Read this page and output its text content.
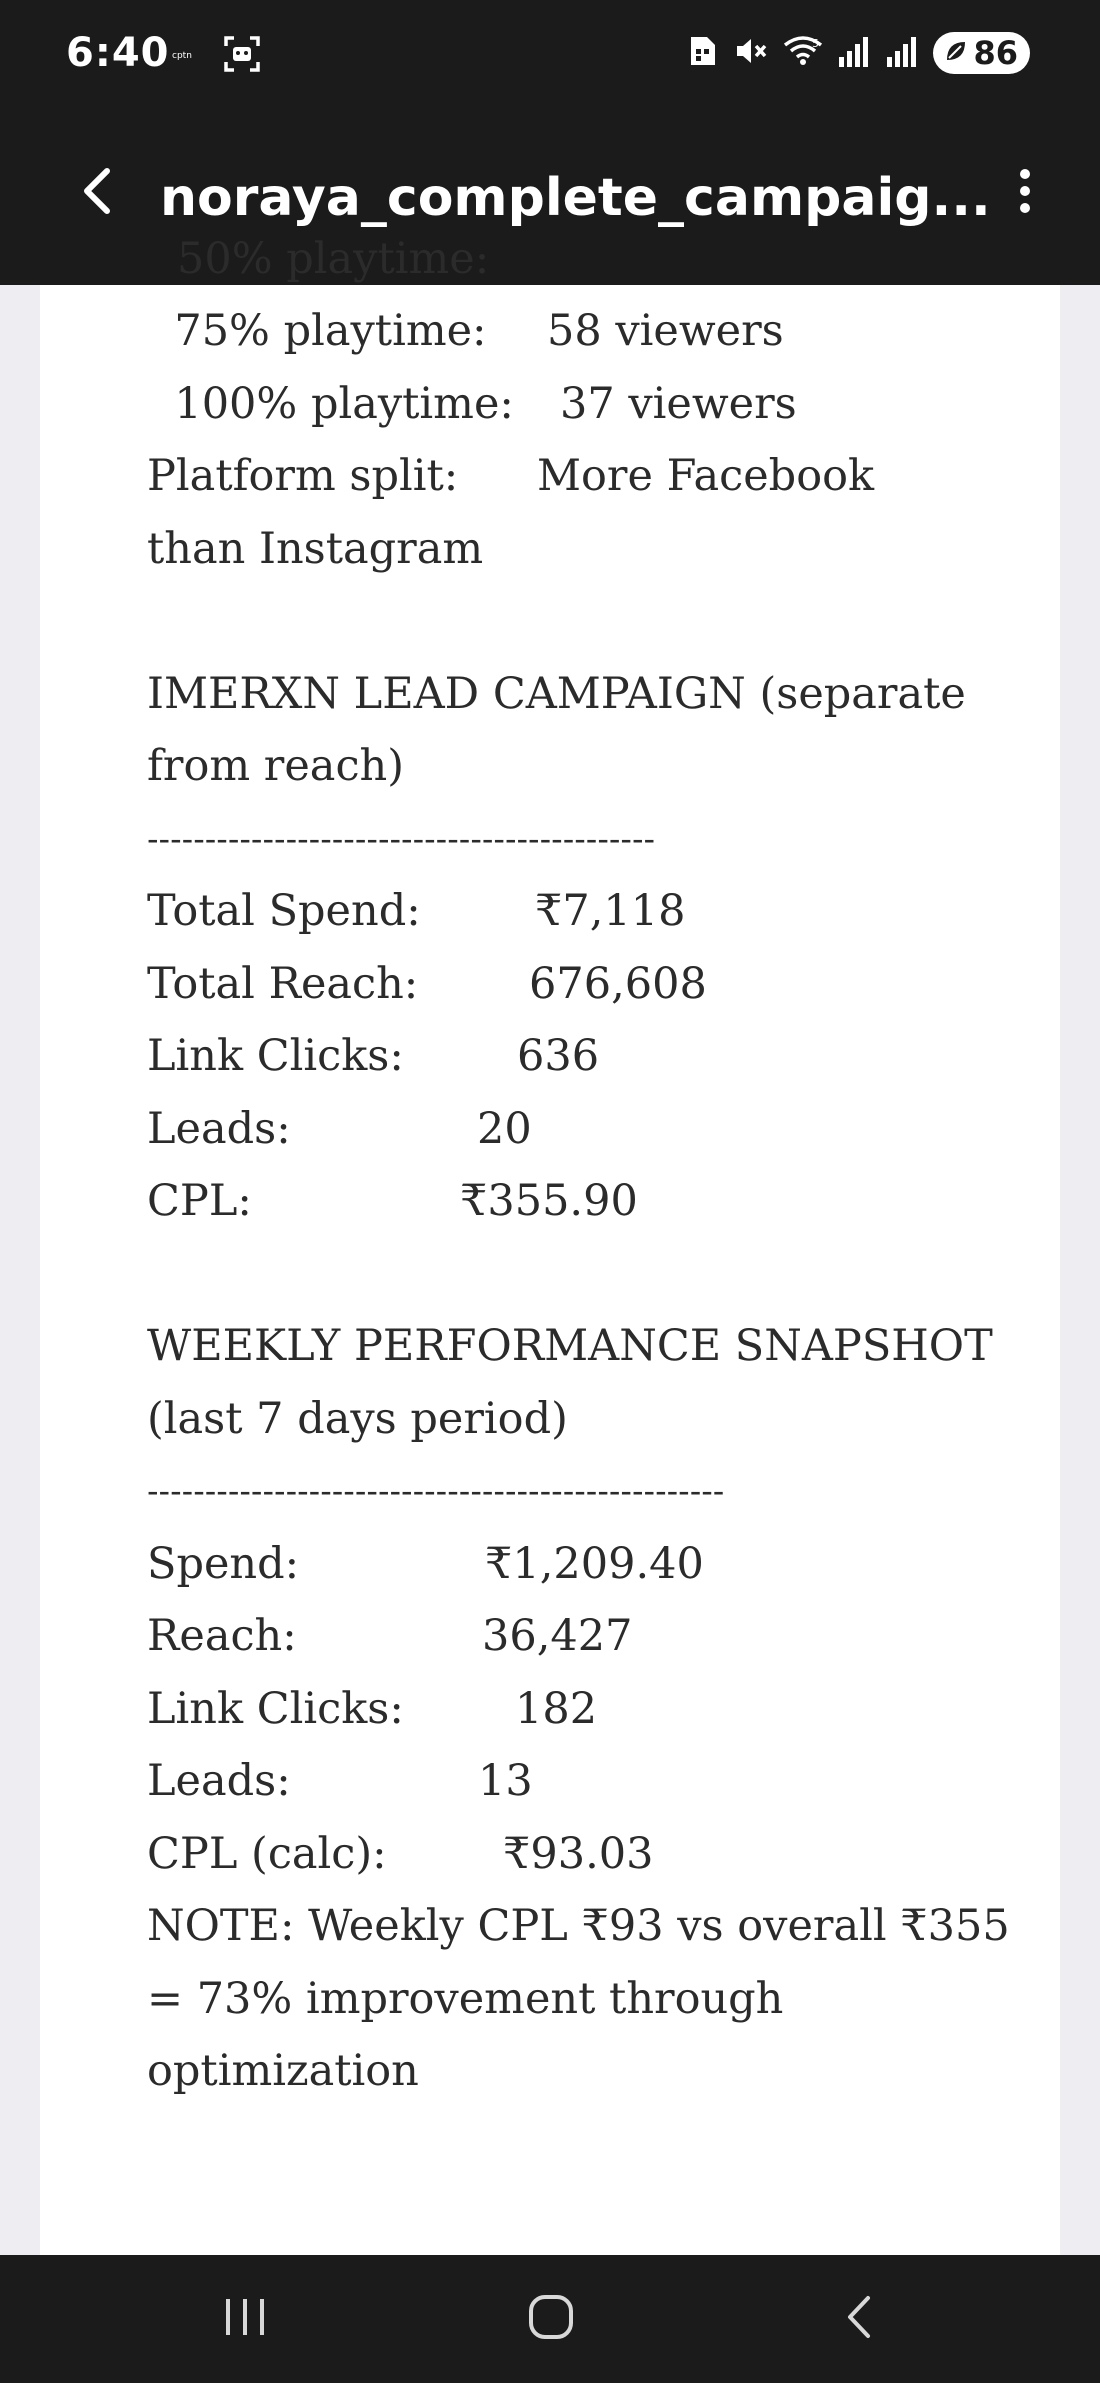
6:40 cptn
5	86
noraya_complete_campaig...
50% playtime:
75% playtime:	58 viewers
100% playtime:	37 viewers
Platform split:	More Facebook
than Instagram
IMERXN LEAD CAMPAIGN (separate
from reach)
--------------------------------------------
Total Spend:	₹7,118
Total Reach:	676,608
Link Clicks:	636
Leads:	20
CPL:	₹355.90
WEEKLY PERFORMANCE SNAPSHOT
(last 7 days period)
--------------------------------------------------
Spend:	₹1,209.40
Reach:	36,427
Link Clicks:	182
Leads:	13
CPL (calc):	₹93.03
NOTE: Weekly CPL ₹93 vs overall ₹355
= 73% improvement through
optimization
